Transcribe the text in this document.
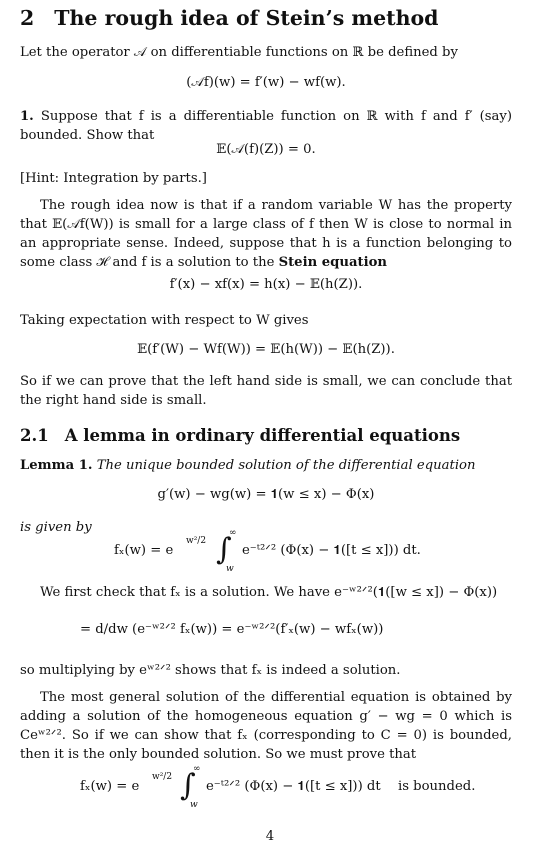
2 The rough idea of Stein’s method

Let the operator 𝒜 on differentiable functions on ℝ be defined by

(𝒜f)(w) = f′(w) − wf(w).

1. Suppose that f is a differentiable function on ℝ with f and f′ (say) bounded. Show that

𝔼(𝒜(f)(Z)) = 0.

[Hint: Integration by parts.]

The rough idea now is that if a random variable W has the property that 𝔼(𝒜f(W)) is small for a large class of f then W is close to normal in an appropriate sense. Indeed, suppose that h is a function belonging to some class ℋ and f is a solution to the Stein equation

f′(x) − xf(x) = h(x) − 𝔼(h(Z)).

Taking expectation with respect to W gives

𝔼(f′(W) − Wf(W)) = 𝔼(h(W)) − 𝔼(h(Z)).

So if we can prove that the left hand side is small, we can conclude that the right hand side is small.

2.1 A lemma in ordinary differential equations

Lemma 1. The unique bounded solution of the differential equation

g′(w) − wg(w) = 𝟏(w ≤ x) − Φ(x)

is given by

fₓ(w) = e
w²/2 ∫
∞
w
e⁻ᵗ²ᐟ² (Φ(x) − 𝟏([t ≤ x])) dt.

We first check that fₓ is a solution. We have e⁻ʷ²ᐟ²(𝟏([w ≤ x]) − Φ(x))

= d/dw (e⁻ʷ²ᐟ² fₓ(w)) = e⁻ʷ²ᐟ²(f′ₓ(w) − wfₓ(w))

so multiplying by eʷ²ᐟ² shows that fₓ is indeed a solution.

The most general solution of the differential equation is obtained by adding a solution of the homogeneous equation g′ − wg = 0 which is Ceʷ²ᐟ². So if we can show that fₓ (corresponding to C = 0) is bounded, then it is the only bounded solution. So we must prove that

fₓ(w) = e
w²/2 ∫
∞
w
e⁻ᵗ²ᐟ² (Φ(x) − 𝟏([t ≤ x])) dt is bounded.

4
